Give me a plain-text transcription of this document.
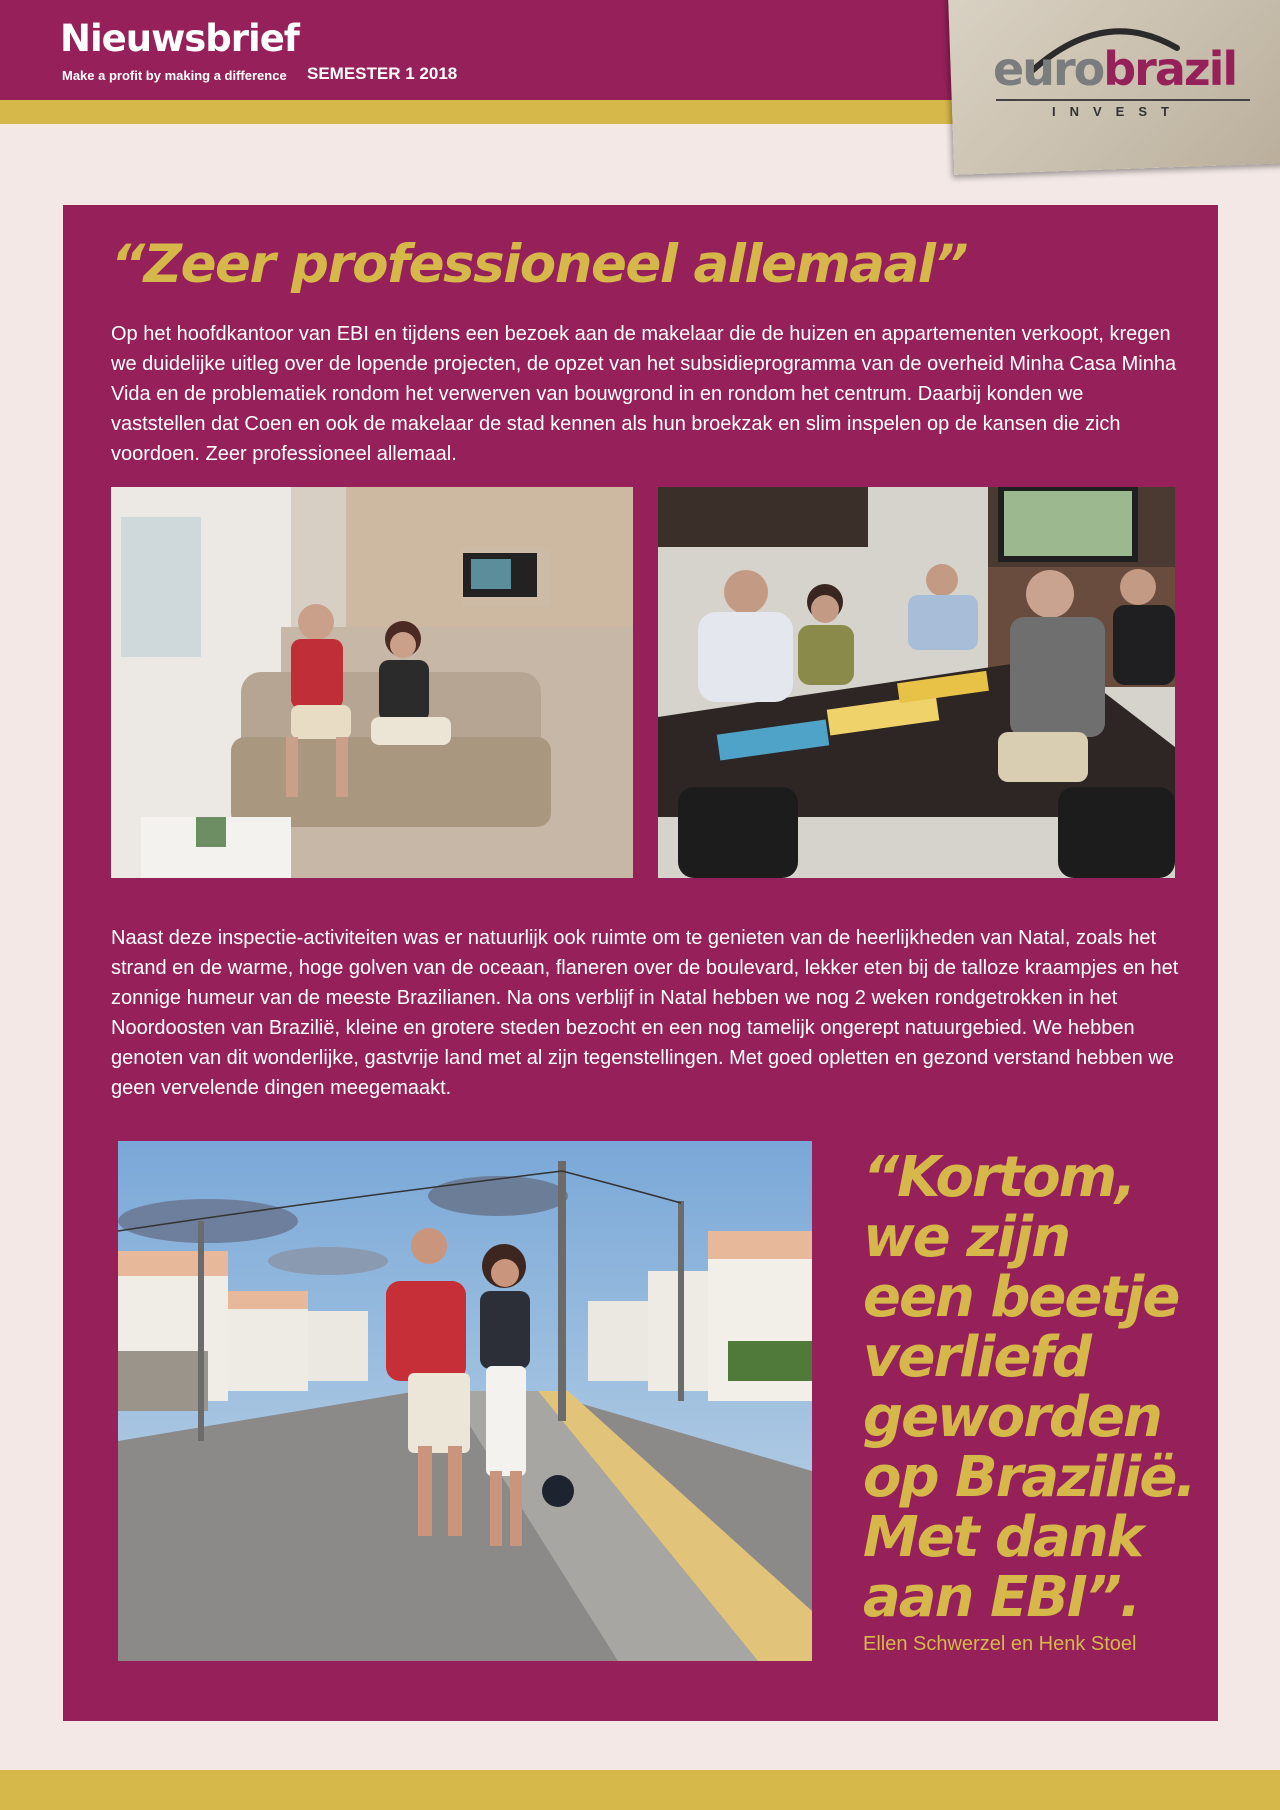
Nieuwsbrief
Make a profit by making a difference SEMESTER 1 2018	eurobrazil
INVEST
“Zeer professioneel allemaal”

Op het hoofdkantoor van EBI en tijdens een bezoek aan de makelaar die de huizen en appartementen verkoopt, kregen we duidelijke uitleg over de lopende projecten, de opzet van het subsidieprogramma van de overheid Minha Casa Minha Vida en de problematiek rondom het verwerven van bouwgrond in en rondom het centrum. Daarbij konden we vaststellen dat Coen en ook de makelaar de stad kennen als hun broekzak en slim inspelen op de kansen die zich voordoen. Zeer professioneel allemaal.

Naast deze inspectie-activiteiten was er natuurlijk ook ruimte om te genieten van de heerlijkheden van Natal, zoals het strand en de warme, hoge golven van de oceaan, flaneren over de boulevard, lekker eten bij de talloze kraampjes en het zonnige humeur van de meeste Brazilianen. Na ons verblijf in Natal hebben we nog 2 weken rondgetrokken in het Noordoosten van Brazilië, kleine en grotere steden bezocht en een nog tamelijk ongerept natuurgebied. We hebben genoten van dit wonderlijke, gastvrije land met al zijn tegenstellingen. Met goed opletten en gezond verstand hebben we geen vervelende dingen meegemaakt.

“Kortom,
we zijn
een beetje
verliefd
geworden
op Brazilië.
Met dank
aan EBI”.
Ellen Schwerzel en Henk Stoel
